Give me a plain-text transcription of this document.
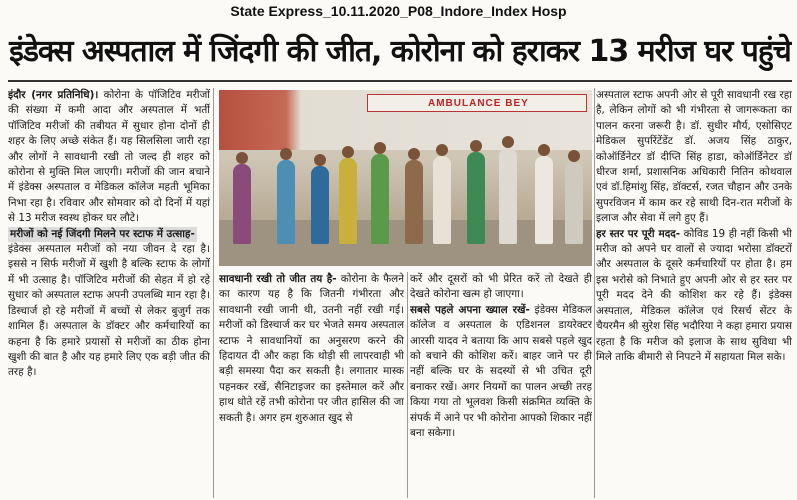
State Express_10.11.2020_P08_Indore_Index Hosp
इंडेक्स अस्पताल में जिंदगी की जीत, कोरोना को हराकर 13 मरीज घर पहुंचे

इंदौर (नगर प्रतिनिधि)। कोरोना के पॉजिटिव मरीजों की संख्या में कमी आदा और अस्पताल में भर्ती पॉजिटिव मरीजों की तबीयत में सुधार होना दोनों ही शहर के लिए अच्छे संकेत हैं। यह सिलसिला जारी रहा और लोगों ने सावधानी रखी तो जल्द ही शहर को कोरोना से मुक्ति मिल जाएगी। मरीजों की जान बचाने में इंडेक्स अस्पताल व मेडिकल कॉलेज महती भूमिका निभा रहा है। रविवार और सोमवार को दो दिनों में यहां से 13 मरीज स्वस्थ होकर घर लौटे।

मरीजों को नई जिंदगी मिलने पर स्टाफ में उत्साह- इंडेक्स अस्पताल मरीजों को नया जीवन दे रहा है। इससे न सिर्फ मरीजों में खुशी है बल्कि स्टाफ के लोगों में भी उत्साह है। पॉजिटिव मरीजों की सेहत में हो रहे सुधार को अस्पताल स्टाफ अपनी उपलब्धि मान रहा है। डिस्चार्ज हो रहे मरीजों में बच्चों से लेकर बुजुर्ग तक शामिल हैं। अस्पताल के डॉक्टर और कर्मचारियों का कहना है कि हमारे प्रयासों से मरीजों का ठीक होना खुशी की बात है और यह हमारे लिए एक बड़ी जीत की तरह है।

AMBULANCE BEY

सावधानी रखी तो जीत तय है- कोरोना के फैलने का कारण यह है कि जितनी गंभीरता और सावधानी रखी जानी थी, उतनी नहीं रखी गई। मरीजों को डिस्चार्ज कर घर भेजते समय अस्पताल स्टाफ ने सावधानियों का अनुसरण करने की हिदायत दी और कहा कि थोड़ी सी लापरवाही भी बड़ी समस्या पैदा कर सकती है। लगातार मास्क पहनकर रखें, सैनिटाइजर का इस्तेमाल करें और हाथ धोते रहें तभी कोरोना पर जीत हासिल की जा सकती है। अगर हम शुरुआत खुद से

करें और दूसरों को भी प्रेरित करें तो देखते ही देखते कोरोना खत्म हो जाएगा।

सबसे पहले अपना ख्याल रखें- इंडेक्स मेडिकल कॉलेज व अस्पताल के एडिशनल डायरेक्टर आरसी यादव ने बताया कि आप सबसे पहले खुद को बचाने की कोशिश करें। बाहर जाने पर ही नहीं बल्कि घर के सदस्यों से भी उचित दूरी बनाकर रखें। अगर नियमों का पालन अच्छी तरह किया गया तो भूलवश किसी संक्रमित व्यक्ति के संपर्क में आने पर भी कोरोना आपको शिकार नहीं बना सकेगा।

अस्पताल स्टाफ अपनी ओर से पूरी सावधानी रख रहा है, लेकिन लोगों को भी गंभीरता से जागरूकता का पालन करना जरूरी है। डॉ. सुधीर मौर्य, एसोसिएट मेडिकल सुपरिंटेंडेंट डॉ. अजय सिंह ठाकुर, कोऑर्डिनेटर डॉ दीप्ति सिंह हाडा, कोऑर्डिनेटर डॉ धीरज शर्मा, प्रशासनिक अधिकारी नितिन कोथवाल एवं डॉ.हिमांशु सिंह, डॉक्टर्स, रजत चौहान और उनके सुपरविजन में काम कर रहे साथी दिन-रात मरीजों के इलाज और सेवा में लगे हुए हैं।

हर स्तर पर पूरी मदद- कोविड 19 ही नहीं किसी भी मरीज को अपने घर वालों से ज्यादा भरोसा डॉक्टरों और अस्पताल के दूसरे कर्मचारियों पर होता है। हम इस भरोसे को निभाते हुए अपनी ओर से हर स्तर पर पूरी मदद देने की कोशिश कर रहे हैं। इंडेक्स अस्पताल, मेडिकल कॉलेज एवं रिसर्च सेंटर के चैयरमैन श्री सुरेश सिंह भदौरिया ने कहा हमारा प्रयास रहता है कि मरीज को इलाज के साथ सुविधा भी मिले ताकि बीमारी से निपटने में सहायता मिल सके।
